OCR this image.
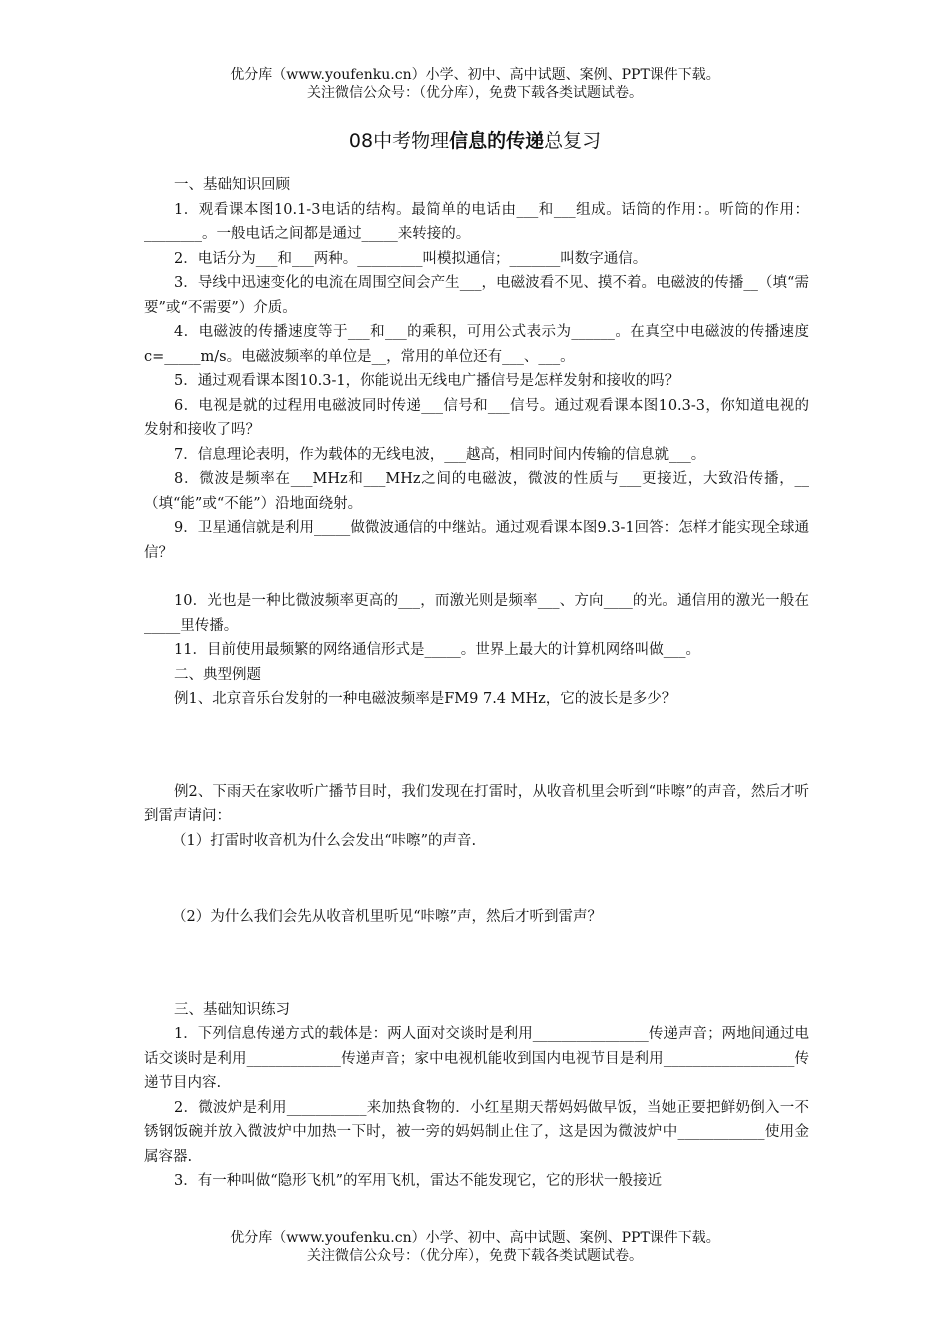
优分库（www.youfenku.cn）小学、初中、高中试题、案例、PPT课件下载。
关注微信公众号：（优分库），免费下载各类试题试卷。
08中考物理信息的传递总复习

一、基础知识回顾

1．观看课本图10.1-3电话的结构。最简单的电话由___和___组成。话筒的作用：。听筒的作用：________。一般电话之间都是通过_____来转接的。

2．电话分为___和___两种。_________叫模拟通信；_______叫数字通信。

3．导线中迅速变化的电流在周围空间会产生___，电磁波看不见、摸不着。电磁波的传播__（填“需要”或“不需要”）介质。

4．电磁波的传播速度等于___和___的乘积，可用公式表示为______。在真空中电磁波的传播速度c=_____m/s。电磁波频率的单位是__，常用的单位还有___、___。

5．通过观看课本图10.3-1，你能说出无线电广播信号是怎样发射和接收的吗？

6．电视是就的过程用电磁波同时传递___信号和___信号。通过观看课本图10.3-3，你知道电视的发射和接收了吗？

7．信息理论表明，作为载体的无线电波，___越高，相同时间内传输的信息就___。

8．微波是频率在___MHz和___MHz之间的电磁波，微波的性质与___更接近，大致沿传播，__（填“能”或“不能”）沿地面绕射。

9．卫星通信就是利用_____做微波通信的中继站。通过观看课本图9.3-1回答：怎样才能实现全球通信？

10．光也是一种比微波频率更高的___，而激光则是频率___、方向____的光。通信用的激光一般在_____里传播。

11．目前使用最频繁的网络通信形式是_____。世界上最大的计算机网络叫做___。

二、典型例题

例1、北京音乐台发射的一种电磁波频率是FM9 7.4 MHz，它的波长是多少？

例2、下雨天在家收听广播节目时，我们发现在打雷时，从收音机里会听到“咔嚓”的声音，然后才听到雷声请问：

（1）打雷时收音机为什么会发出“咔嚓”的声音.

（2）为什么我们会先从收音机里听见“咔嚓”声，然后才听到雷声？

三、基础知识练习

1．下列信息传递方式的载体是：两人面对交谈时是利用________________传递声音；两地间通过电话交谈时是利用_____________传递声音；家中电视机能收到国内电视节目是利用__________________传递节目内容.

2．微波炉是利用___________来加热食物的．小红星期天帮妈妈做早饭，当她正要把鲜奶倒入一不锈钢饭碗并放入微波炉中加热一下时，被一旁的妈妈制止住了，这是因为微波炉中____________使用金属容器.

3．有一种叫做“隐形飞机”的军用飞机，雷达不能发现它，它的形状一般接近

优分库（www.youfenku.cn）小学、初中、高中试题、案例、PPT课件下载。
关注微信公众号：（优分库），免费下载各类试题试卷。
